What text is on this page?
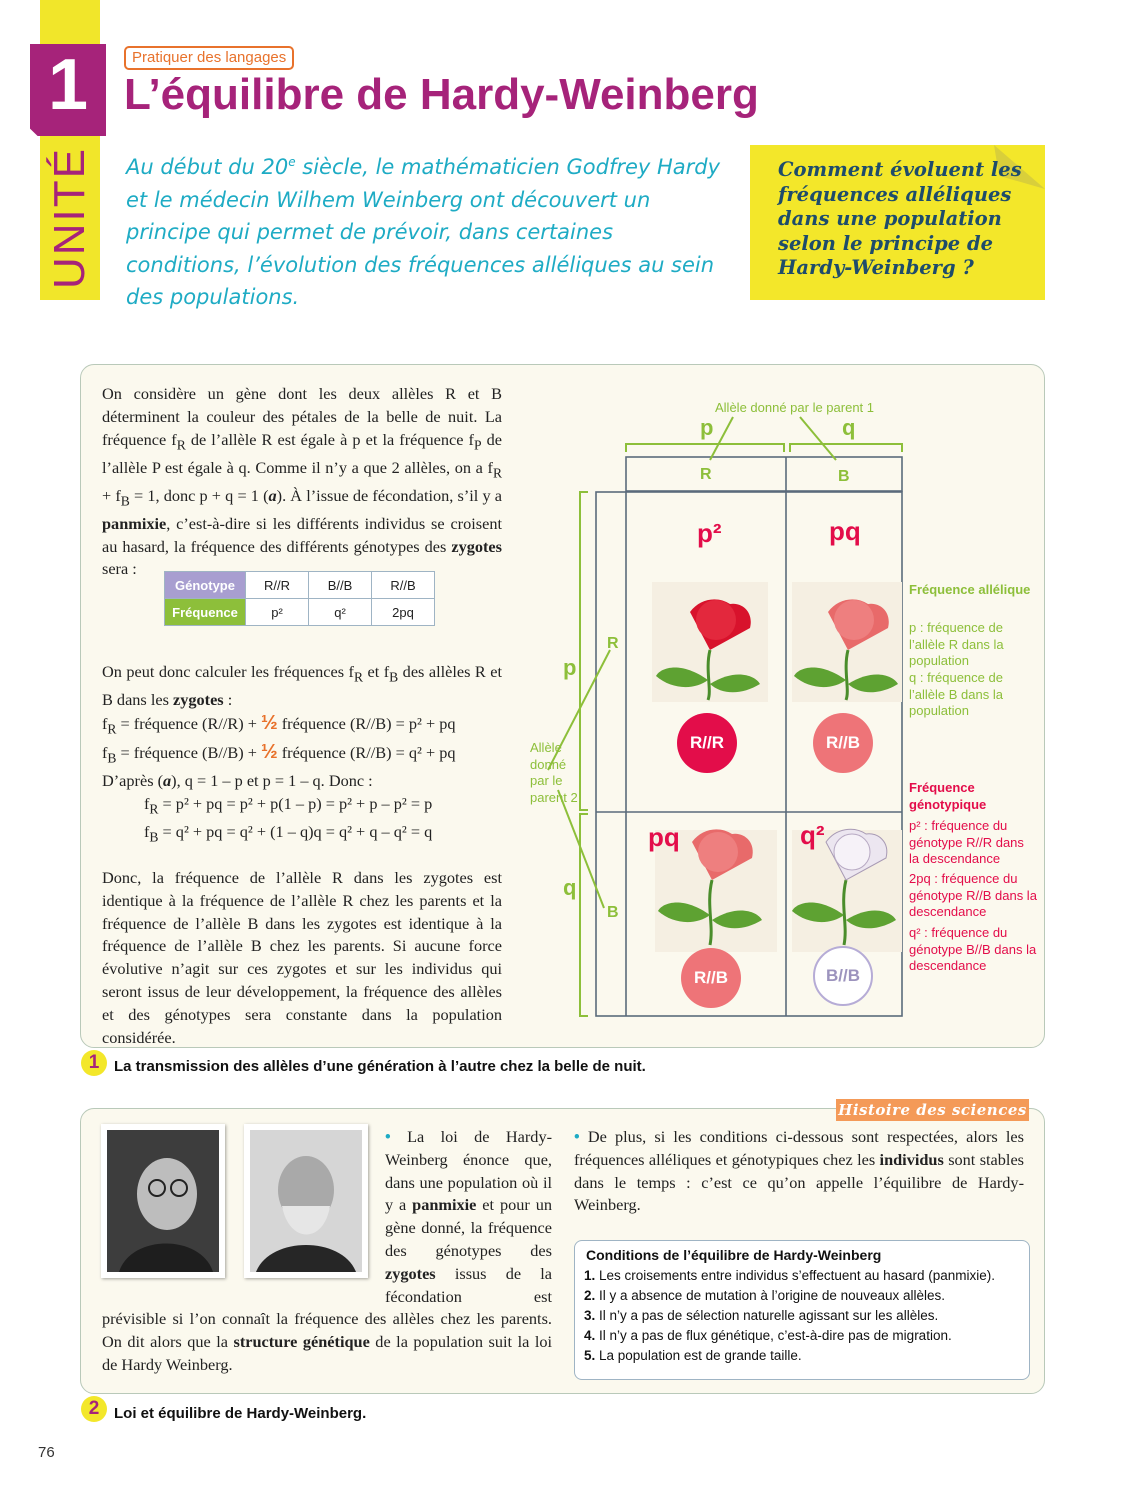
1
UNITÉ
Pratiquer des langages
L’équilibre de Hardy-Weinberg
Au début du 20e siècle, le mathématicien Godfrey Hardy et le médecin Wilhem Weinberg ont découvert un principe qui permet de prévoir, dans certaines conditions, l’évolution des fréquences alléliques au sein des populations.
Comment évoluent les fréquences alléliques dans une population selon le principe de Hardy-Weinberg ?
On considère un gène dont les deux allèles R et B déterminent la couleur des pétales de la belle de nuit. La fréquence $f_R$ de l’allèle R est égale à p et la fréquence $f_P$ de l’allèle P est égale à q. Comme il n’y a que 2 allèles, on a $f_R + f_B = 1$, donc p + q = 1 (a). À l’issue de fécondation, s’il y a panmixie, c’est-à-dire si les différents individus se croisent au hasard, la fréquence des différents génotypes des zygotes sera :
On peut donc calculer les fréquences $f_R$ et $f_B$ des allèles R et B dans les zygotes :
$f_R$ = fréquence (R//R) + ½ fréquence (R//B) = p² + pq
$f_B$ = fréquence (B//B) + ½ fréquence (R//B) = q² + pq
D’après (a), q = 1 – p et p = 1 – q. Donc :
$f_R = p^2$ + pq = p² + p(1 – p) = p² + p – p² = p
$f_B = q^2$ + pq = q² + (1 – q)q = q² + q – q² = q
Donc, la fréquence de l’allèle R dans les zygotes est identique à la fréquence de l’allèle R chez les parents et la fréquence de l’allèle B dans les zygotes est identique à la fréquence de l’allèle B chez les parents. Si aucune force évolutive n’agit sur ces zygotes et sur les individus qui seront issus de leur développement, la fréquence des allèles et des génotypes sera constante dans la population considérée.
Génotype	R//R	B//B	R//B
Fréquence	p²	q²	2pq
Allèle donné par le parent 1
p	q
R	B
p
q
R
B
Allèle donné par le parent 2
p²	pq
pq	q²
R//R	R//B
R//B	B//B
Fréquence allélique
p : fréquence de l’allèle R dans la population
q : fréquence de l’allèle B dans la population
Fréquence génotypique
p² : fréquence du génotype R//R dans la descendance
2pq : fréquence du génotype R//B dans la descendance
q² : fréquence du génotype B//B dans la descendance
1 La transmission des allèles d’une génération à l’autre chez la belle de nuit.
Histoire des sciences
• La loi de Hardy-Weinberg énonce que, dans une population où il y a panmixie et pour un gène donné, la fréquence des génotypes des zygotes issus de la fécondation est prévisible si l’on connaît la fréquence des allèles chez les parents. On dit alors que la structure génétique de la population suit la loi de Hardy Weinberg.
• De plus, si les conditions ci-dessous sont respectées, alors les fréquences alléliques et génotypiques chez les individus sont stables dans le temps : c’est ce qu’on appelle l’équilibre de Hardy-Weinberg.
Conditions de l’équilibre de Hardy-Weinberg
1. Les croisements entre individus s’effectuent au hasard (panmixie).
2. Il y a absence de mutation à l’origine de nouveaux allèles.
3. Il n’y a pas de sélection naturelle agissant sur les allèles.
4. Il n’y a pas de flux génétique, c’est-à-dire pas de migration.
5. La population est de grande taille.
2 Loi et équilibre de Hardy-Weinberg.
76
